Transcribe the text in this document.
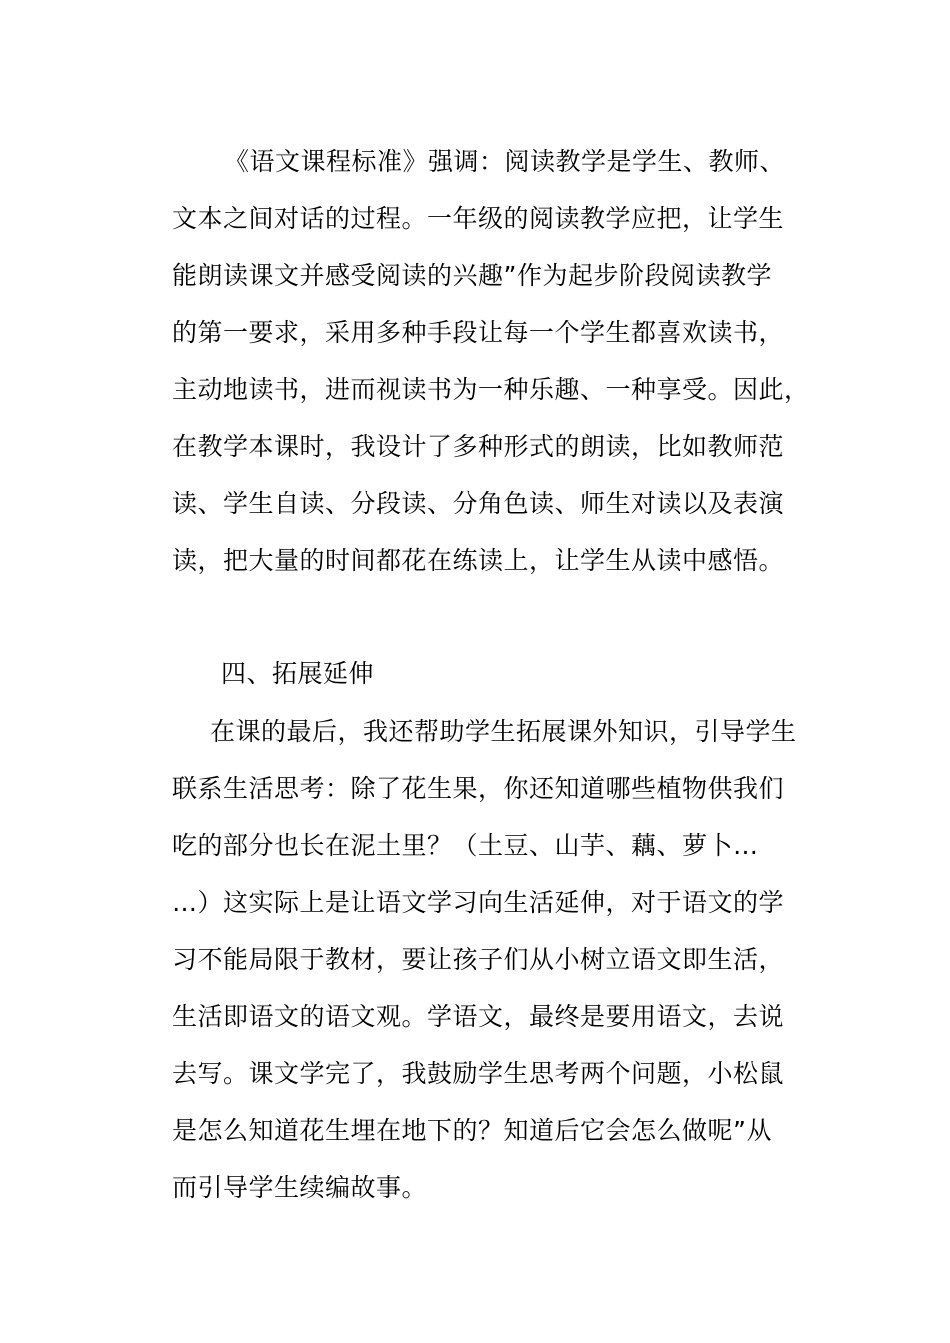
《语文课程标准》强调：阅读教学是学生、教师、
文本之间对话的过程。一年级的阅读教学应把，让学生
能朗读课文并感受阅读的兴趣”作为起步阶段阅读教学
的第一要求，采用多种手段让每一个学生都喜欢读书，
主动地读书，进而视读书为一种乐趣、一种享受。因此，
在教学本课时，我设计了多种形式的朗读，比如教师范
读、学生自读、分段读、分角色读、师生对读以及表演
读，把大量的时间都花在练读上，让学生从读中感悟。
四、拓展延伸
在课的最后，我还帮助学生拓展课外知识，引导学生
联系生活思考：除了花生果，你还知道哪些植物供我们
吃的部分也长在泥土里？（土豆、山芋、藕、萝卜…
…）这实际上是让语文学习向生活延伸，对于语文的学
习不能局限于教材，要让孩子们从小树立语文即生活，
生活即语文的语文观。学语文，最终是要用语文，去说
去写。课文学完了，我鼓励学生思考两个问题，小松鼠
是怎么知道花生埋在地下的？知道后它会怎么做呢”从
而引导学生续编故事。
